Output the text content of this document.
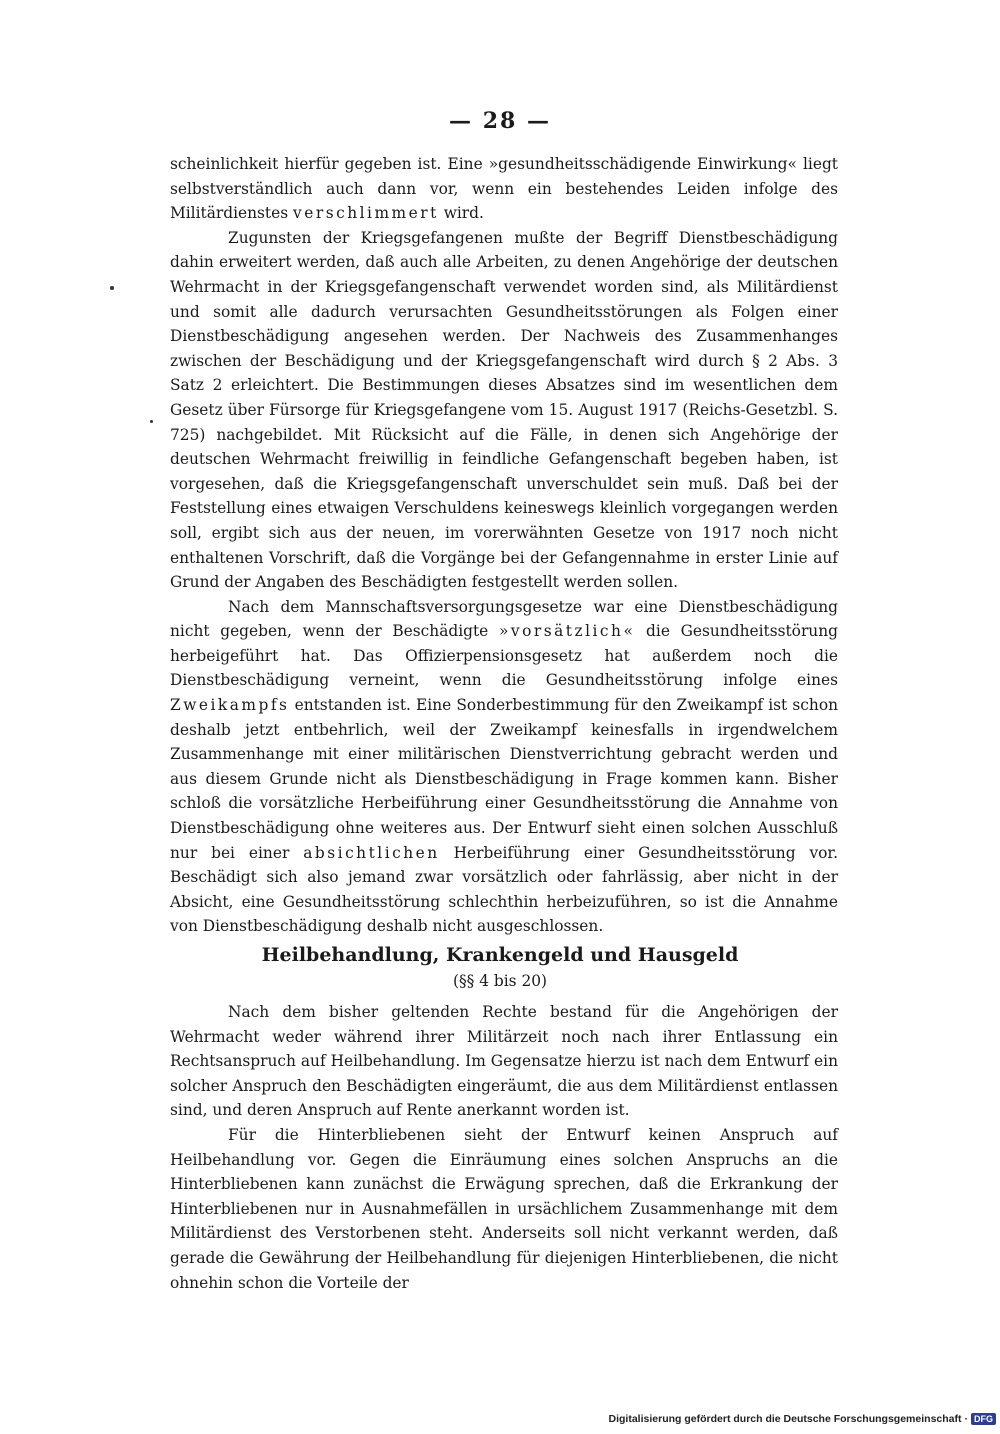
— 28 —

scheinlichkeit hierfür gegeben ist. Eine »gesundheitsschädigende Einwirkung« liegt selbstverständlich auch dann vor, wenn ein bestehendes Leiden infolge des Militärdienstes verschlimmert wird.

Zugunsten der Kriegsgefangenen mußte der Begriff Dienstbeschädigung dahin erweitert werden, daß auch alle Arbeiten, zu denen Angehörige der deutschen Wehrmacht in der Kriegsgefangenschaft verwendet worden sind, als Militärdienst und somit alle dadurch verursachten Gesundheitsstörungen als Folgen einer Dienstbeschädigung angesehen werden. Der Nachweis des Zusammenhanges zwischen der Beschädigung und der Kriegsgefangenschaft wird durch § 2 Abs. 3 Satz 2 erleichtert. Die Bestimmungen dieses Absatzes sind im wesentlichen dem Gesetz über Fürsorge für Kriegsgefangene vom 15. August 1917 (Reichs-Gesetzbl. S. 725) nachgebildet. Mit Rücksicht auf die Fälle, in denen sich Angehörige der deutschen Wehrmacht freiwillig in feindliche Gefangenschaft begeben haben, ist vorgesehen, daß die Kriegsgefangenschaft unverschuldet sein muß. Daß bei der Feststellung eines etwaigen Verschuldens keineswegs kleinlich vorgegangen werden soll, ergibt sich aus der neuen, im vorerwähnten Gesetze von 1917 noch nicht enthaltenen Vorschrift, daß die Vorgänge bei der Gefangennahme in erster Linie auf Grund der Angaben des Beschädigten festgestellt werden sollen.

Nach dem Mannschaftsversorgungsgesetze war eine Dienstbeschädigung nicht gegeben, wenn der Beschädigte »vorsätzlich« die Gesundheitsstörung herbeigeführt hat. Das Offizierpensionsgesetz hat außerdem noch die Dienstbeschädigung verneint, wenn die Gesundheitsstörung infolge eines Zweikampfs entstanden ist. Eine Sonderbestimmung für den Zweikampf ist schon deshalb jetzt entbehrlich, weil der Zweikampf keinesfalls in irgendwelchem Zusammenhange mit einer militärischen Dienstverrichtung gebracht werden und aus diesem Grunde nicht als Dienstbeschädigung in Frage kommen kann. Bisher schloß die vorsätzliche Herbeiführung einer Gesundheitsstörung die Annahme von Dienstbeschädigung ohne weiteres aus. Der Entwurf sieht einen solchen Ausschluß nur bei einer absichtlichen Herbeiführung einer Gesundheitsstörung vor. Beschädigt sich also jemand zwar vorsätzlich oder fahrlässig, aber nicht in der Absicht, eine Gesundheitsstörung schlechthin herbeizuführen, so ist die Annahme von Dienstbeschädigung deshalb nicht ausgeschlossen.

Heilbehandlung, Krankengeld und Hausgeld
(§§ 4 bis 20)

Nach dem bisher geltenden Rechte bestand für die Angehörigen der Wehrmacht weder während ihrer Militärzeit noch nach ihrer Entlassung ein Rechtsanspruch auf Heilbehandlung. Im Gegensatze hierzu ist nach dem Entwurf ein solcher Anspruch den Beschädigten eingeräumt, die aus dem Militärdienst entlassen sind, und deren Anspruch auf Rente anerkannt worden ist.

Für die Hinterbliebenen sieht der Entwurf keinen Anspruch auf Heilbehandlung vor. Gegen die Einräumung eines solchen Anspruchs an die Hinterbliebenen kann zunächst die Erwägung sprechen, daß die Erkrankung der Hinterbliebenen nur in Ausnahmefällen in ursächlichem Zusammenhange mit dem Militärdienst des Verstorbenen steht. Anderseits soll nicht verkannt werden, daß gerade die Gewährung der Heilbehandlung für diejenigen Hinterbliebenen, die nicht ohnehin schon die Vorteile der

Digitalisierung gefördert durch die Deutsche Forschungsgemeinschaft · DFG
